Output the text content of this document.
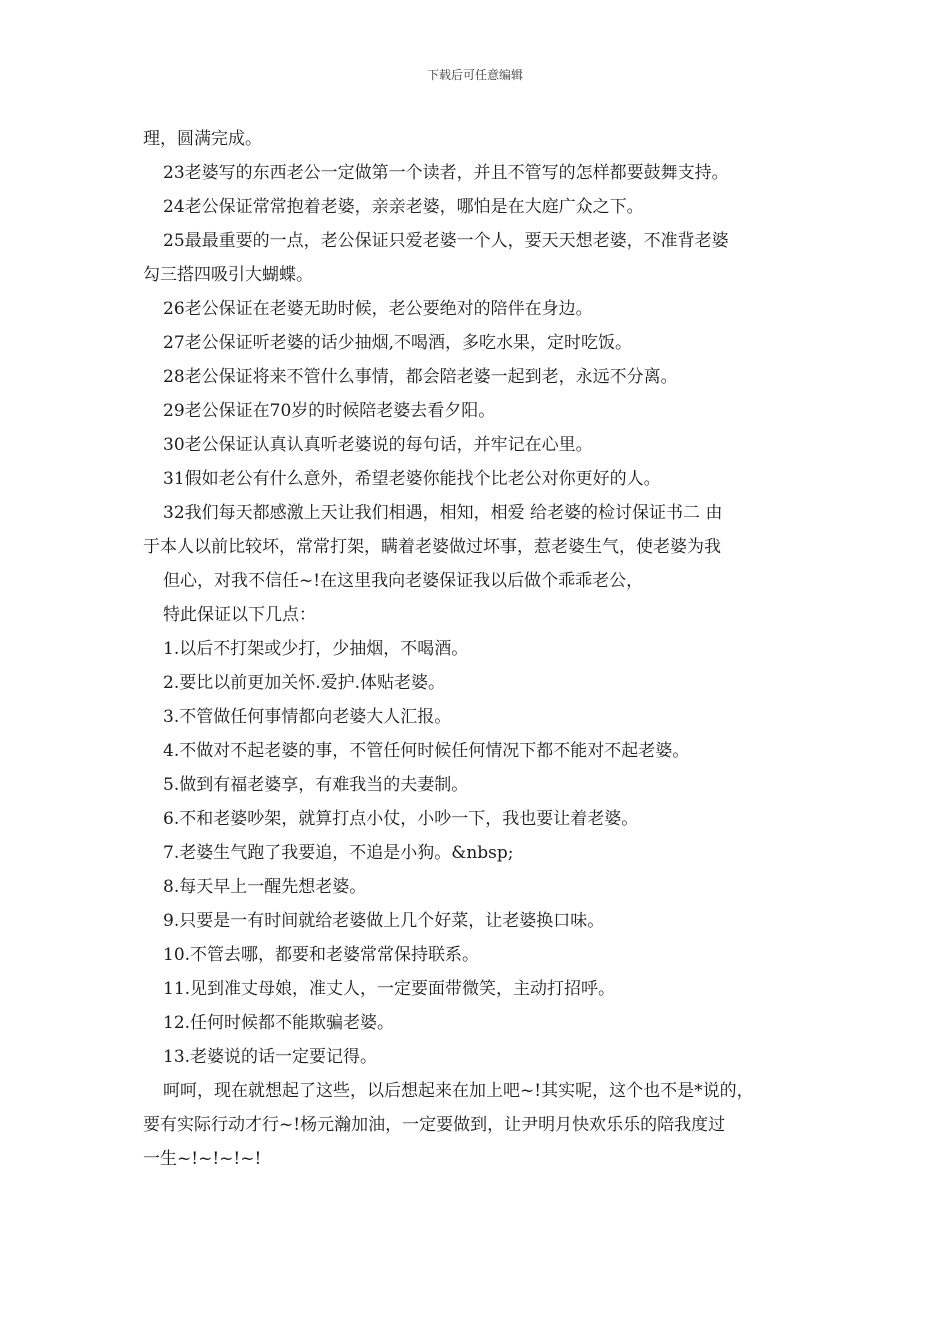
下载后可任意编辑
理，圆满完成。
23老婆写的东西老公一定做第一个读者，并且不管写的怎样都要鼓舞支持。
24老公保证常常抱着老婆，亲亲老婆，哪怕是在大庭广众之下。
25最最重要的一点，老公保证只爱老婆一个人，要天天想老婆，不准背老婆
勾三搭四吸引大蝴蝶。
26老公保证在老婆无助时候，老公要绝对的陪伴在身边。
27老公保证听老婆的话少抽烟,不喝酒，多吃水果，定时吃饭。
28老公保证将来不管什么事情，都会陪老婆一起到老，永远不分离。
29老公保证在70岁的时候陪老婆去看夕阳。
30老公保证认真认真听老婆说的每句话，并牢记在心里。
31假如老公有什么意外，希望老婆你能找个比老公对你更好的人。
32我们每天都感激上天让我们相遇，相知，相爱 给老婆的检讨保证书二 由
于本人以前比较坏，常常打架，瞒着老婆做过坏事，惹老婆生气，使老婆为我
但心，对我不信任~!在这里我向老婆保证我以后做个乖乖老公，
特此保证以下几点：
1.以后不打架或少打，少抽烟，不喝酒。
2.要比以前更加关怀.爱护.体贴老婆。
3.不管做任何事情都向老婆大人汇报。
4.不做对不起老婆的事，不管任何时候任何情况下都不能对不起老婆。
5.做到有福老婆享，有难我当的夫妻制。
6.不和老婆吵架，就算打点小仗，小吵一下，我也要让着老婆。
7.老婆生气跑了我要追，不追是小狗。&nbsp;
8.每天早上一醒先想老婆。
9.只要是一有时间就给老婆做上几个好菜，让老婆换口味。
10.不管去哪，都要和老婆常常保持联系。
11.见到准丈母娘，准丈人，一定要面带微笑，主动打招呼。
12.任何时候都不能欺骗老婆。
13.老婆说的话一定要记得。
呵呵，现在就想起了这些，以后想起来在加上吧~!其实呢，这个也不是*说的，
要有实际行动才行~!杨元瀚加油，一定要做到，让尹明月快欢乐乐的陪我度过
一生~!~!~!~!
